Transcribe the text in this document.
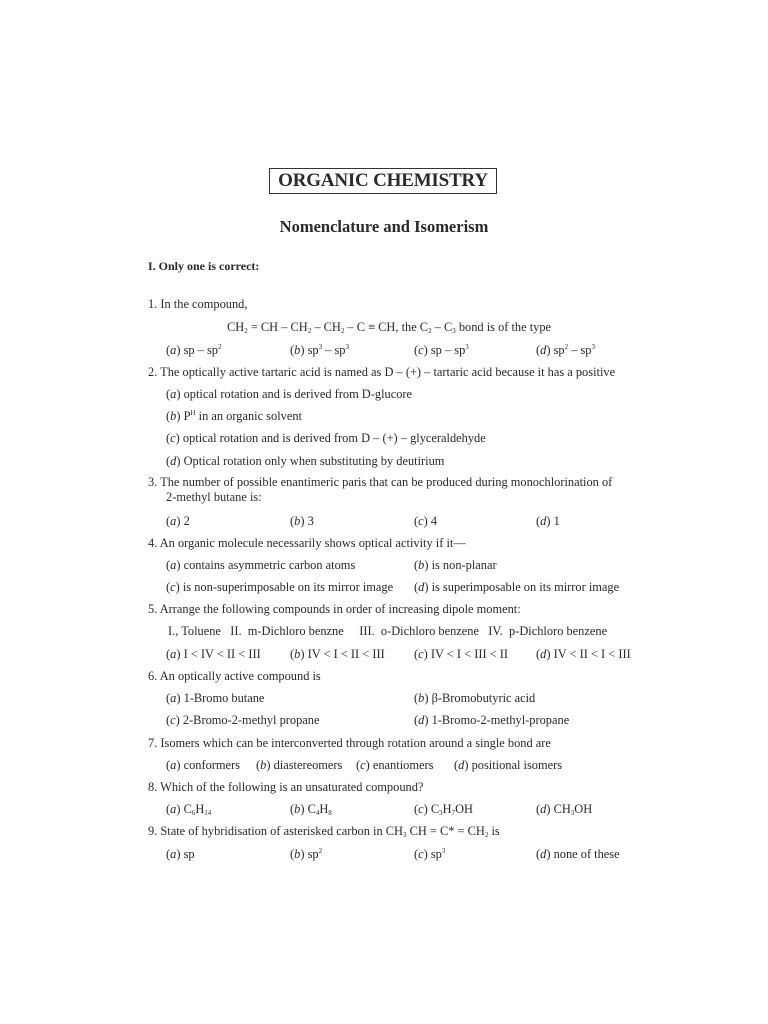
ORGANIC CHEMISTRY
Nomenclature and Isomerism
I. Only one is correct:
1. In the compound,
$CH_2$ = CH – $CH_2 - CH_2$ – C ≡ CH, the $C_2 - C_3$ bond is of the type
(a) sp – $sp^2$	(b) $sp^3 - sp^3$	(c) sp – $sp^3$	(d) $sp^2 - sp^3$
2. The optically active tartaric acid is named as D – (+) – tartaric acid because it has a positive
(a) optical rotation and is derived from D-glucore
(b) $P^H$ in an organic solvent
(c) optical rotation and is derived from D – (+) – glyceraldehyde
(d) Optical rotation only when substituting by deutirium
3. The number of possible enantimeric paris that can be produced during monochlorination of
2-methyl butane is:
(a) 2	(b) 3	(c) 4	(d) 1
4. An organic molecule necessarily shows optical activity if it—
(a) contains asymmetric carbon atoms	(b) is non-planar
(c) is non-superimposable on its mirror image (d) is superimposable on its mirror image
5. Arrange the following compounds in order of increasing dipole moment:
I., Toluene   II.  m-Dichloro benzne     III.  o-Dichloro benzene   IV.  p-Dichloro benzene
(a) I < IV < II < III (b) IV < I < II < III (c) IV < I < III < II (d) IV < II < I < III
6. An optically active compound is
(a) 1-Bromo butane	(b) β-Bromobutyric acid
(c) 2-Bromo-2-methyl propane	(d) 1-Bromo-2-methyl-propane
7. Isomers which can be interconverted through rotation around a single bond are
(a) conformers (b) diastereomers (c) enantiomers (d) positional isomers
8. Which of the following is an unsaturated compound?
(a) $C_6H_{14}$	(b) $C_4H_8$	(c) $C_3H_7OH$	(d) $CH_3OH$
9. State of hybridisation of asterisked carbon in $CH_3$ CH = $C* = CH_2$ is
(a) sp	(b) $sp^2$	(c) $sp^3$	(d) none of these
